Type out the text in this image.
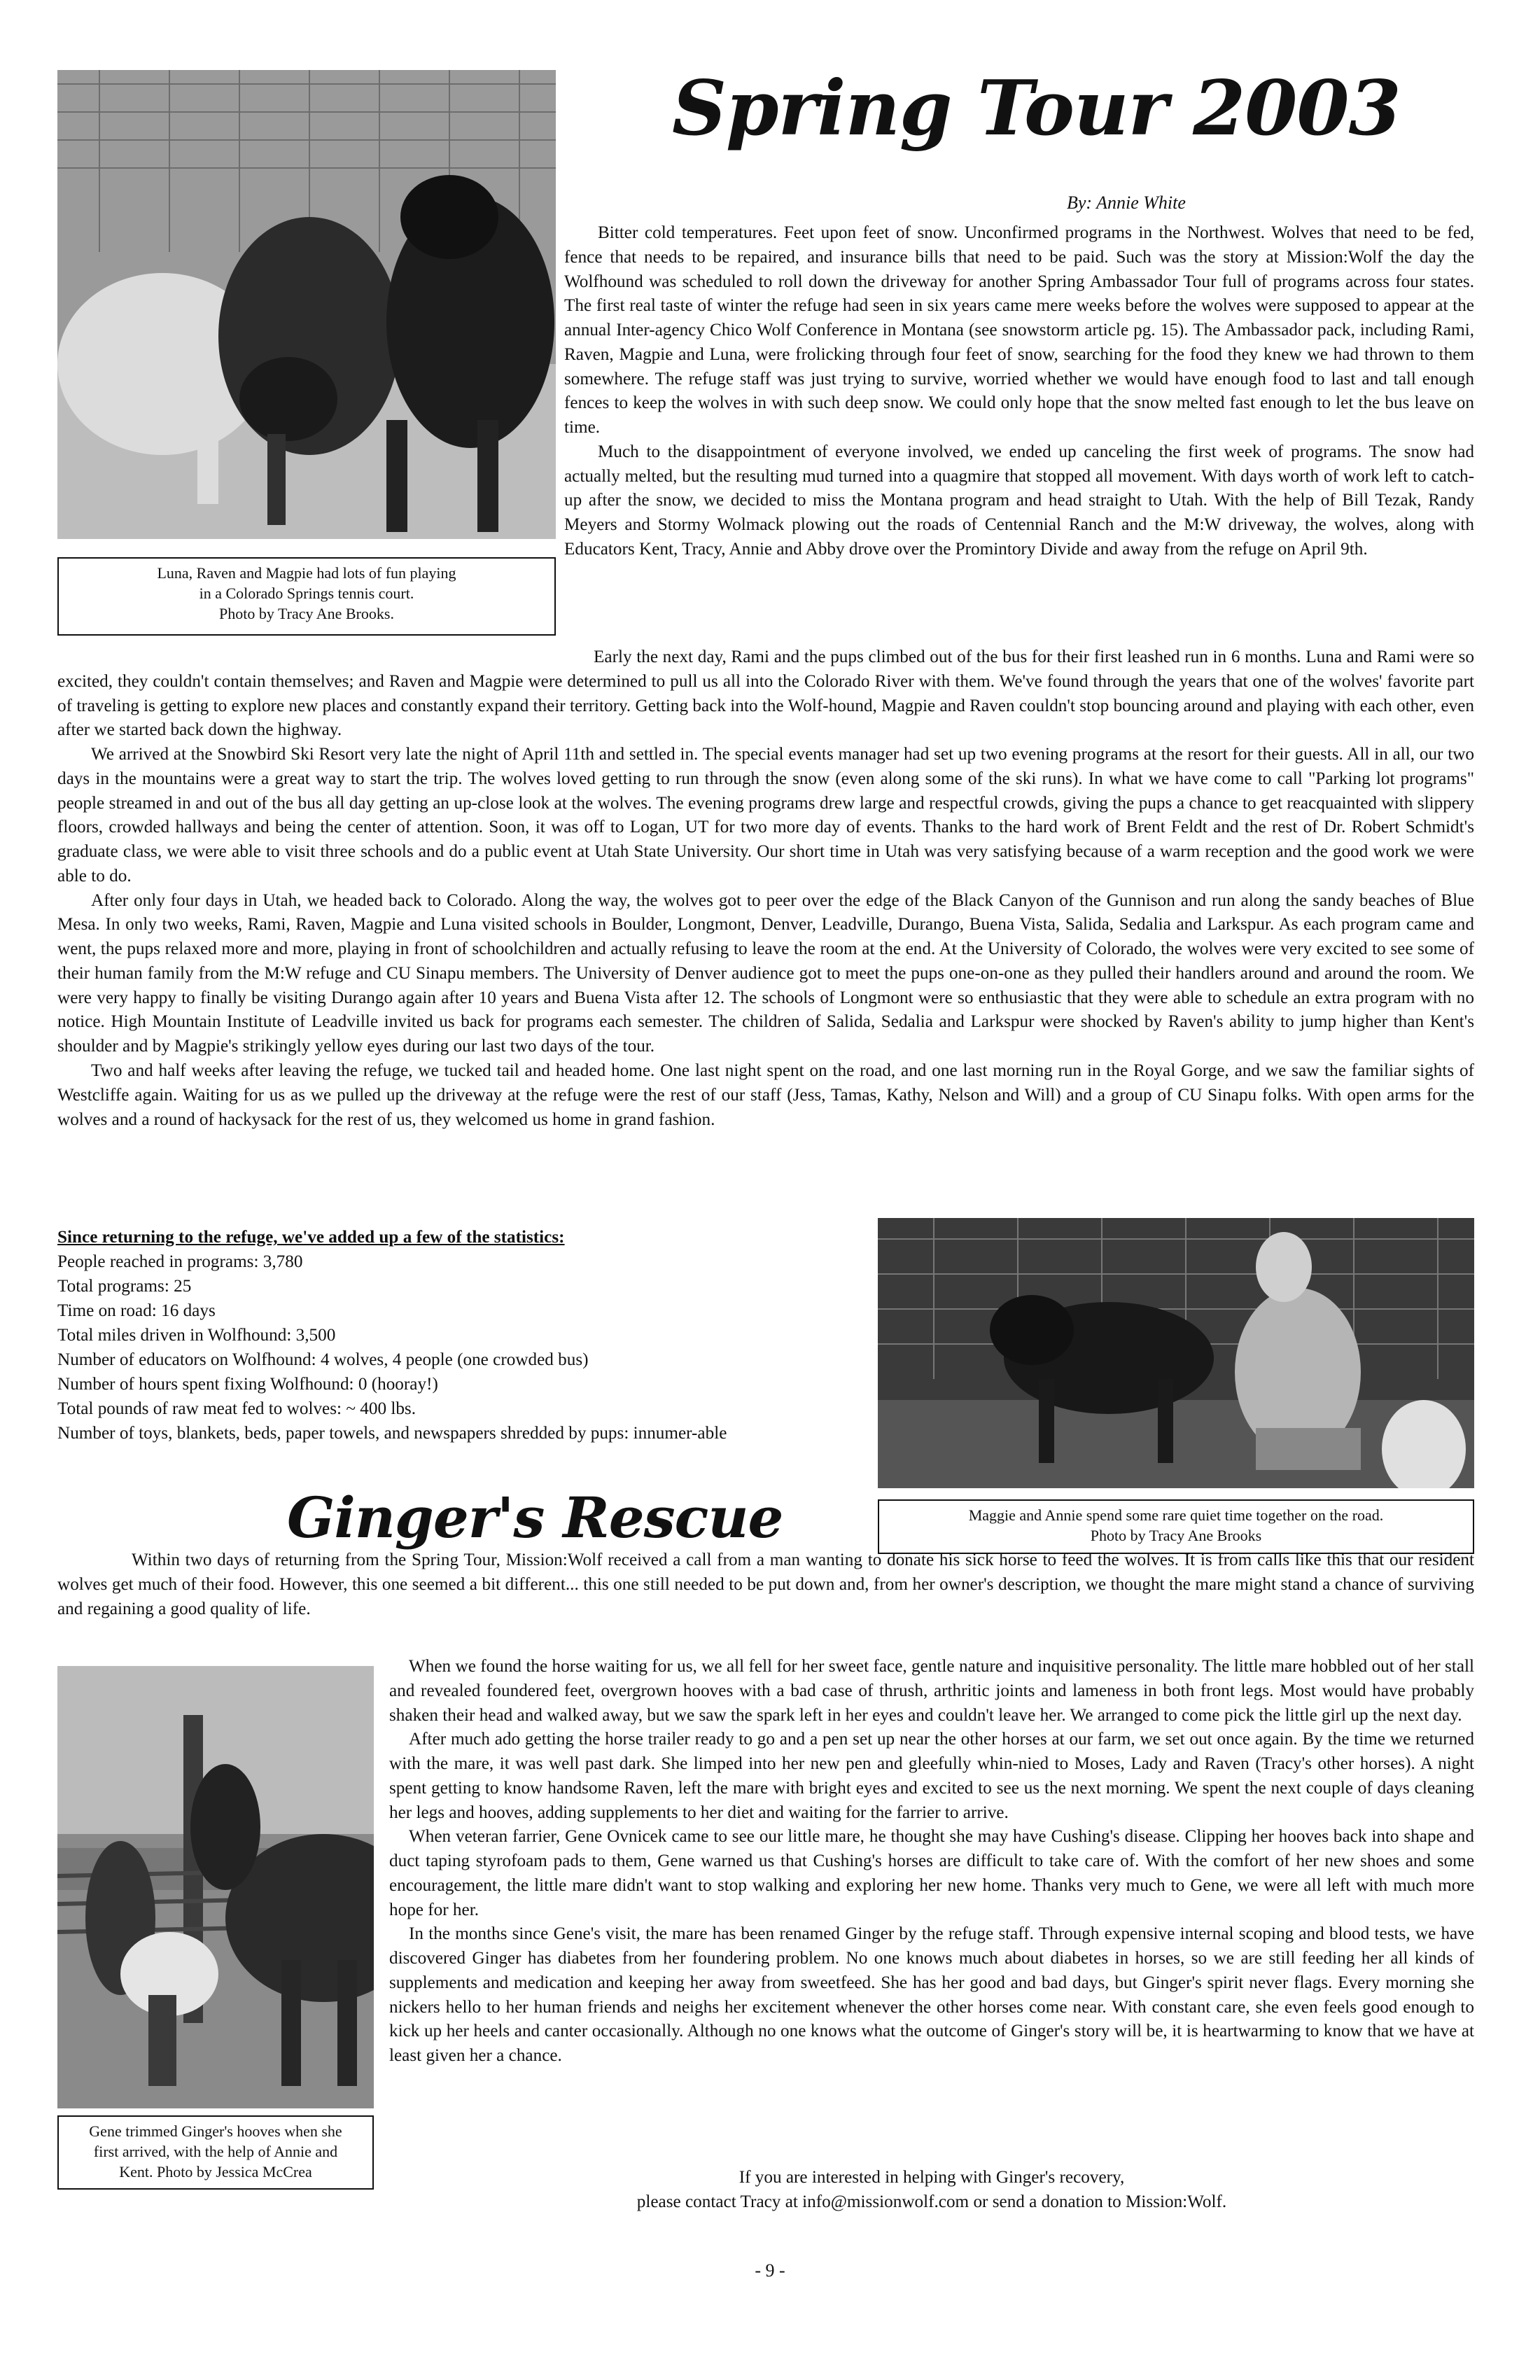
Luna, Raven and Magpie had lots of fun playing
in a Colorado Springs tennis court.
Photo by Tracy Ane Brooks.
Spring Tour 2003
By: Annie White

Bitter cold temperatures. Feet upon feet of snow. Unconfirmed programs in the Northwest. Wolves that need to be fed, fence that needs to be repaired, and insurance bills that need to be paid. Such was the story at Mission:Wolf the day the Wolfhound was scheduled to roll down the driveway for another Spring Ambassador Tour full of programs across four states. The first real taste of winter the refuge had seen in six years came mere weeks before the wolves were supposed to appear at the annual Inter-agency Chico Wolf Conference in Montana (see snowstorm article pg. 15). The Ambassador pack, including Rami, Raven, Magpie and Luna, were frolicking through four feet of snow, searching for the food they knew we had thrown to them somewhere. The refuge staff was just trying to survive, worried whether we would have enough food to last and tall enough fences to keep the wolves in with such deep snow. We could only hope that the snow melted fast enough to let the bus leave on time.

Much to the disappointment of everyone involved, we ended up canceling the first week of programs. The snow had actually melted, but the resulting mud turned into a quagmire that stopped all movement. With days worth of work left to catch-up after the snow, we decided to miss the Montana program and head straight to Utah. With the help of Bill Tezak, Randy Meyers and Stormy Wolmack plowing out the roads of Centennial Ranch and the M:W driveway, the wolves, along with Educators Kent, Tracy, Annie and Abby drove over the Promintory Divide and away from the refuge on April 9th.

Early the next day, Rami and the pups climbed out of the bus for their first leashed run in 6 months. Luna and Rami were so excited, they couldn't contain themselves; and Raven and Magpie were determined to pull us all into the Colorado River with them. We've found through the years that one of the wolves' favorite part of traveling is getting to explore new places and constantly expand their territory. Getting back into the Wolf-hound, Magpie and Raven couldn't stop bouncing around and playing with each other, even after we started back down the highway.

We arrived at the Snowbird Ski Resort very late the night of April 11th and settled in. The special events manager had set up two evening programs at the resort for their guests. All in all, our two days in the mountains were a great way to start the trip. The wolves loved getting to run through the snow (even along some of the ski runs). In what we have come to call "Parking lot programs" people streamed in and out of the bus all day getting an up-close look at the wolves. The evening programs drew large and respectful crowds, giving the pups a chance to get reacquainted with slippery floors, crowded hallways and being the center of attention. Soon, it was off to Logan, UT for two more day of events. Thanks to the hard work of Brent Feldt and the rest of Dr. Robert Schmidt's graduate class, we were able to visit three schools and do a public event at Utah State University. Our short time in Utah was very satisfying because of a warm reception and the good work we were able to do.

After only four days in Utah, we headed back to Colorado. Along the way, the wolves got to peer over the edge of the Black Canyon of the Gunnison and run along the sandy beaches of Blue Mesa. In only two weeks, Rami, Raven, Magpie and Luna visited schools in Boulder, Longmont, Denver, Leadville, Durango, Buena Vista, Salida, Sedalia and Larkspur. As each program came and went, the pups relaxed more and more, playing in front of schoolchildren and actually refusing to leave the room at the end. At the University of Colorado, the wolves were very excited to see some of their human family from the M:W refuge and CU Sinapu members. The University of Denver audience got to meet the pups one-on-one as they pulled their handlers around and around the room. We were very happy to finally be visiting Durango again after 10 years and Buena Vista after 12. The schools of Longmont were so enthusiastic that they were able to schedule an extra program with no notice. High Mountain Institute of Leadville invited us back for programs each semester. The children of Salida, Sedalia and Larkspur were shocked by Raven's ability to jump higher than Kent's shoulder and by Magpie's strikingly yellow eyes during our last two days of the tour.

Two and half weeks after leaving the refuge, we tucked tail and headed home. One last night spent on the road, and one last morning run in the Royal Gorge, and we saw the familiar sights of Westcliffe again. Waiting for us as we pulled up the driveway at the refuge were the rest of our staff (Jess, Tamas, Kathy, Nelson and Will) and a group of CU Sinapu folks. With open arms for the wolves and a round of hackysack for the rest of us, they welcomed us home in grand fashion.

Since returning to the refuge, we've added up a few of the statistics:
People reached in programs: 3,780
Total programs: 25
Time on road: 16 days
Total miles driven in Wolfhound: 3,500
Number of educators on Wolfhound: 4 wolves, 4 people (one crowded bus)
Number of hours spent fixing Wolfhound: 0 (hooray!)
Total pounds of raw meat fed to wolves: ~ 400 lbs.
Number of toys, blankets, beds, paper towels, and newspapers shredded by pups: innumer-able
Maggie and Annie spend some rare quiet time together on the road.
Photo by Tracy Ane Brooks
Ginger's Rescue

Within two days of returning from the Spring Tour, Mission:Wolf received a call from a man wanting to donate his sick horse to feed the wolves. It is from calls like this that our resident wolves get much of their food. However, this one seemed a bit different... this one still needed to be put down and, from her owner's description, we thought the mare might stand a chance of surviving and regaining a good quality of life.

Gene trimmed Ginger's hooves when she
first arrived, with the help of Annie and
Kent. Photo by Jessica McCrea

When we found the horse waiting for us, we all fell for her sweet face, gentle nature and inquisitive personality. The little mare hobbled out of her stall and revealed foundered feet, overgrown hooves with a bad case of thrush, arthritic joints and lameness in both front legs. Most would have probably shaken their head and walked away, but we saw the spark left in her eyes and couldn't leave her. We arranged to come pick the little girl up the next day.

After much ado getting the horse trailer ready to go and a pen set up near the other horses at our farm, we set out once again. By the time we returned with the mare, it was well past dark. She limped into her new pen and gleefully whin-nied to Moses, Lady and Raven (Tracy's other horses). A night spent getting to know handsome Raven, left the mare with bright eyes and excited to see us the next morning. We spent the next couple of days cleaning her legs and hooves, adding supplements to her diet and waiting for the farrier to arrive.

When veteran farrier, Gene Ovnicek came to see our little mare, he thought she may have Cushing's disease. Clipping her hooves back into shape and duct taping styrofoam pads to them, Gene warned us that Cushing's horses are difficult to take care of. With the comfort of her new shoes and some encouragement, the little mare didn't want to stop walking and exploring her new home. Thanks very much to Gene, we were all left with much more hope for her.

In the months since Gene's visit, the mare has been renamed Ginger by the refuge staff. Through expensive internal scoping and blood tests, we have discovered Ginger has diabetes from her foundering problem. No one knows much about diabetes in horses, so we are still feeding her all kinds of supplements and medication and keeping her away from sweetfeed. She has her good and bad days, but Ginger's spirit never flags. Every morning she nickers hello to her human friends and neighs her excitement whenever the other horses come near. With constant care, she even feels good enough to kick up her heels and canter occasionally. Although no one knows what the outcome of Ginger's story will be, it is heartwarming to know that we have at least given her a chance.

If you are interested in helping with Ginger's recovery,
please contact Tracy at info@missionwolf.com or send a donation to Mission:Wolf.
- 9 -
